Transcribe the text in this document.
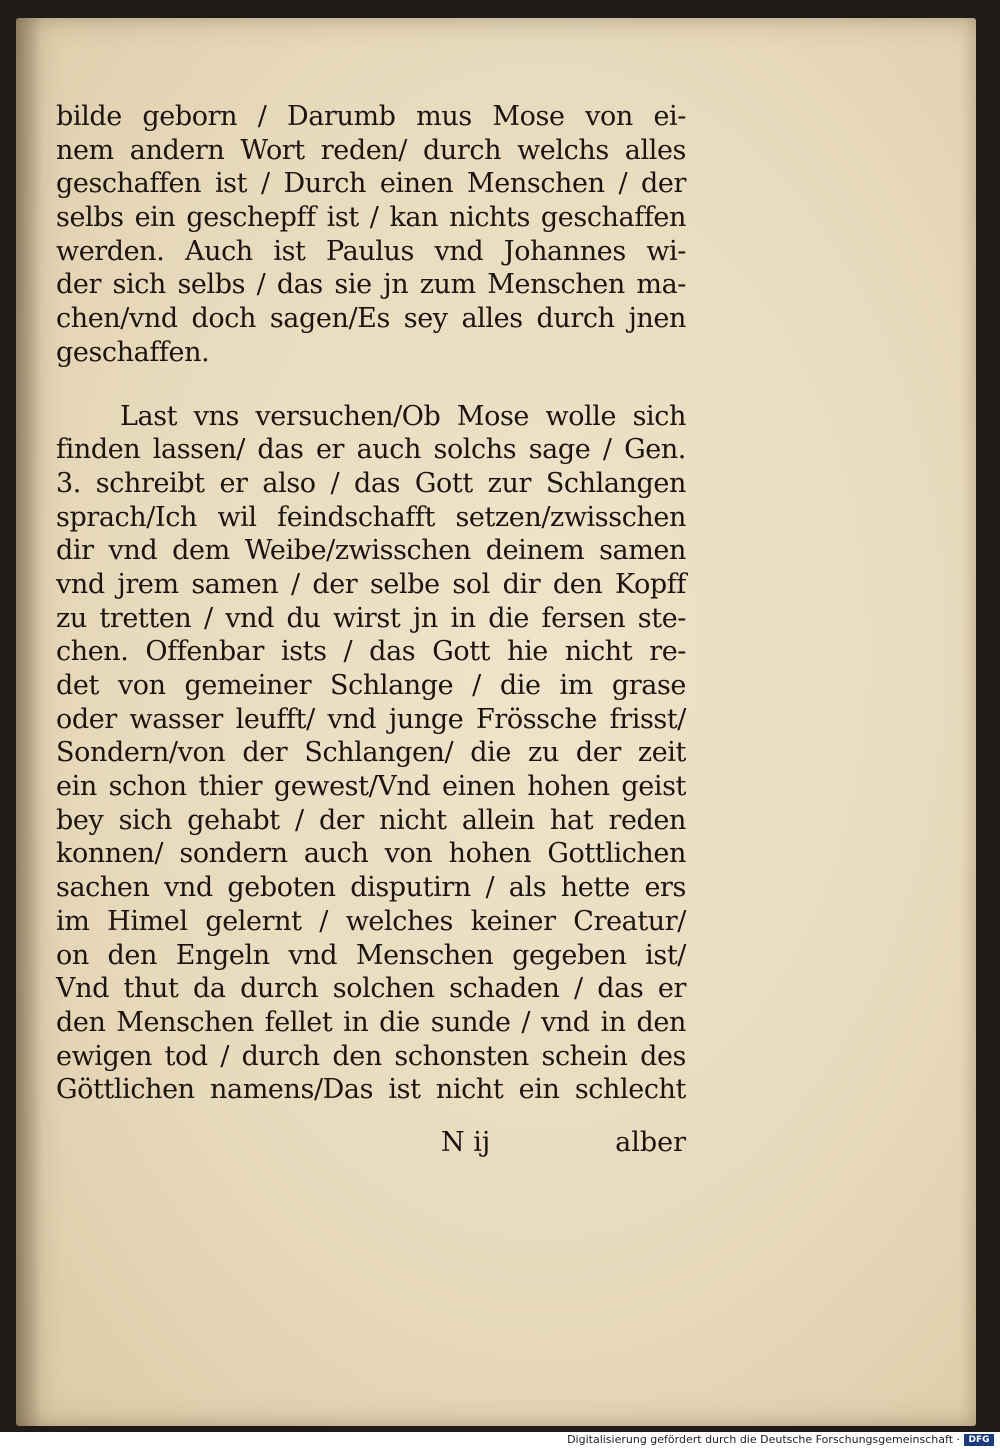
bilde geborn / Darumb mus Mose von ei-
nem andern Wort reden/ durch welchs alles
geschaffen ist / Durch einen Menschen / der
selbs ein geschepff ist / kan nichts geschaffen
werden. Auch ist Paulus vnd Johannes wi-
der sich selbs / das sie jn zum Menschen ma-
chen/vnd doch sagen/Es sey alles durch jnen
geschaffen.
Last vns versuchen/Ob Mose wolle sich
finden lassen/ das er auch solchs sage / Gen.
3. schreibt er also / das Gott zur Schlangen
sprach/Ich wil feindschafft setzen/zwisschen
dir vnd dem Weibe/zwisschen deinem samen
vnd jrem samen / der selbe sol dir den Kopff
zu tretten / vnd du wirst jn in die fersen ste-
chen. Offenbar ists / das Gott hie nicht re-
det von gemeiner Schlange / die im grase
oder wasser leufft/ vnd junge Frössche frisst/
Sondern/von der Schlangen/ die zu der zeit
ein schon thier gewest/Vnd einen hohen geist
bey sich gehabt / der nicht allein hat reden
konnen/ sondern auch von hohen Gottlichen
sachen vnd geboten disputirn / als hette ers
im Himel gelernt / welches keiner Creatur/
on den Engeln vnd Menschen gegeben ist/
Vnd thut da durch solchen schaden / das er
den Menschen fellet in die sunde / vnd in den
ewigen tod / durch den schonsten schein des
Göttlichen namens/Das ist nicht ein schlecht
N ij	alber
Digitalisierung gefördert durch die Deutsche Forschungsgemeinschaft · DFG
